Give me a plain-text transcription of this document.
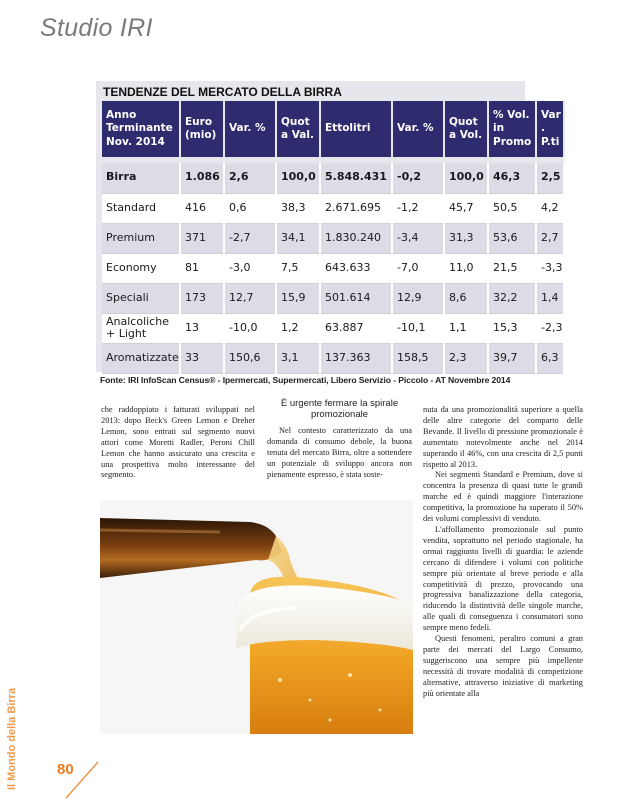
Studio IRI
TENDENZE DEL MERCATO DELLA BIRRA
Anno Terminante Nov. 2014	Euro (mio)	Var. %	Quot a Val.	Ettolitri	Var. %	Quot a Vol.	% Vol. in Promo	Var . P.ti

Birra	1.086	2,6	100,0	5.848.431	-0,2	100,0	46,3	2,5
Standard	416	0,6	38,3	2.671.695	-1,2	45,7	50,5	4,2
Premium	371	-2,7	34,1	1.830.240	-3,4	31,3	53,6	2,7
Economy	81	-3,0	7,5	643.633	-7,0	11,0	21,5	-3,3
Speciali	173	12,7	15,9	501.614	12,9	8,6	32,2	1,4
Analcoliche + Light	13	-10,0	1,2	63.887	-10,1	1,1	15,3	-2,3
Aromatizzate	33	150,6	3,1	137.363	158,5	2,3	39,7	6,3
Fonte: IRI InfoScan Census® - Ipermercati, Supermercati, Libero Servizio - Piccolo - AT Novembre 2014

che raddoppiato i fatturati sviluppati nel 2013: dopo Beck's Green Lemon e Dreher Lemon, sono entrati sul segmento nuovi attori come Moretti Radler, Peroni Chill Lemon che hanno assicurato una crescita e una prospettiva molto interessante del segmento.

È urgente fermare la spirale promozionale

Nel contesto caratterizzato da una domanda di consumo debole, la buona tenuta del mercato Birra, oltre a sottendere un potenziale di sviluppo ancora non pienamente espresso, è stata soste-

nuta da una promozionalità superiore a quella delle altre categorie del comparto delle Bevande. Il livello di pressione promozionale è aumentato notevolmente anche nel 2014 superando il 46%, con una crescita di 2,5 punti rispetto al 2013.

Nei segmenti Standard e Premium, dove si concentra la presenza di quasi tutte le grandi marche ed è quindi maggiore l'interazione competitiva, la promozione ha superato il 50% dei volumi complessivi di venduto.

L'affollamento promozionale sul punto vendita, soprattutto nel periodo stagionale, ha ormai raggiunto livelli di guardia: le aziende cercano di difendere i volumi con politiche sempre più orientate al breve periodo e alla competitività di prezzo, provocando una progressiva banalizzazione della categoria, riducendo la distintività delle singole marche, alle quali di conseguenza i consumatori sono sempre meno fedeli.

Questi fenomeni, peraltro comuni a gran parte dei mercati del Largo Consumo, suggeriscono una sempre più impellente necessità di trovare modalità di competizione alternative, attraverso iniziative di marketing più orientate alla

Il Mondo della Birra	80
